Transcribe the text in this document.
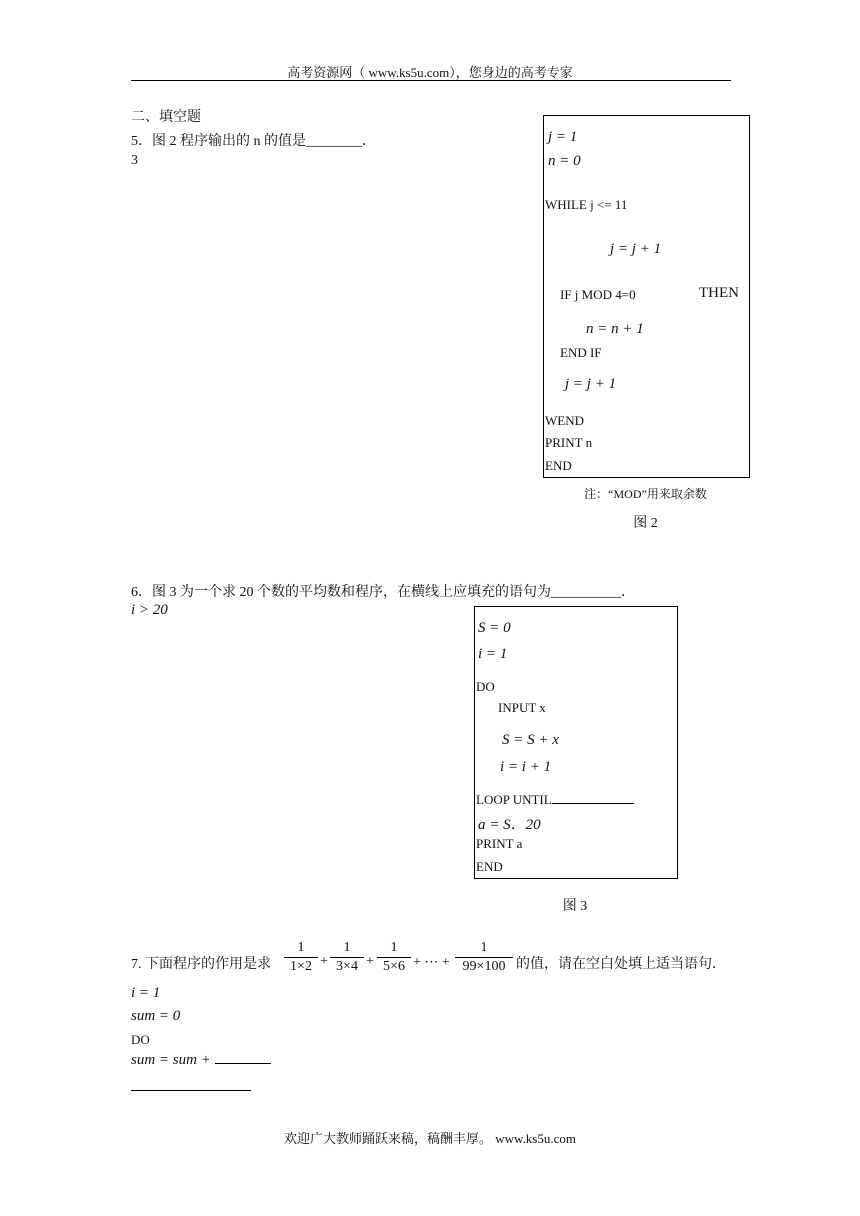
高考资源网（ www.ks5u.com），您身边的高考专家
二、填空题
5．图 2 程序输出的 n 的值是________．
3
j = 1
n = 0
WHILE j <= 11
j = j + 1
IF j MOD 4=0	THEN
n = n + 1
END IF
j = j + 1
WEND
PRINT n
END
注：“MOD”用来取余数
图 2
6．图 3 为一个求 20 个数的平均数和程序，在横线上应填充的语句为__________．
i > 20
S = 0
i = 1
DO
INPUT x
S = S + x
i = i + 1
LOOP UNTIL
a = S．20
PRINT a
END
图 3
7. 下面程序的作用是求
1
1×2 +
1
3×4 +
1
5×6 + ⋯ +
1
99×100 的值，请在空白处填上适当语句．
i = 1
sum = 0
DO
sum = sum +
欢迎广大教师踊跃来稿，稿酬丰厚。 www.ks5u.com
